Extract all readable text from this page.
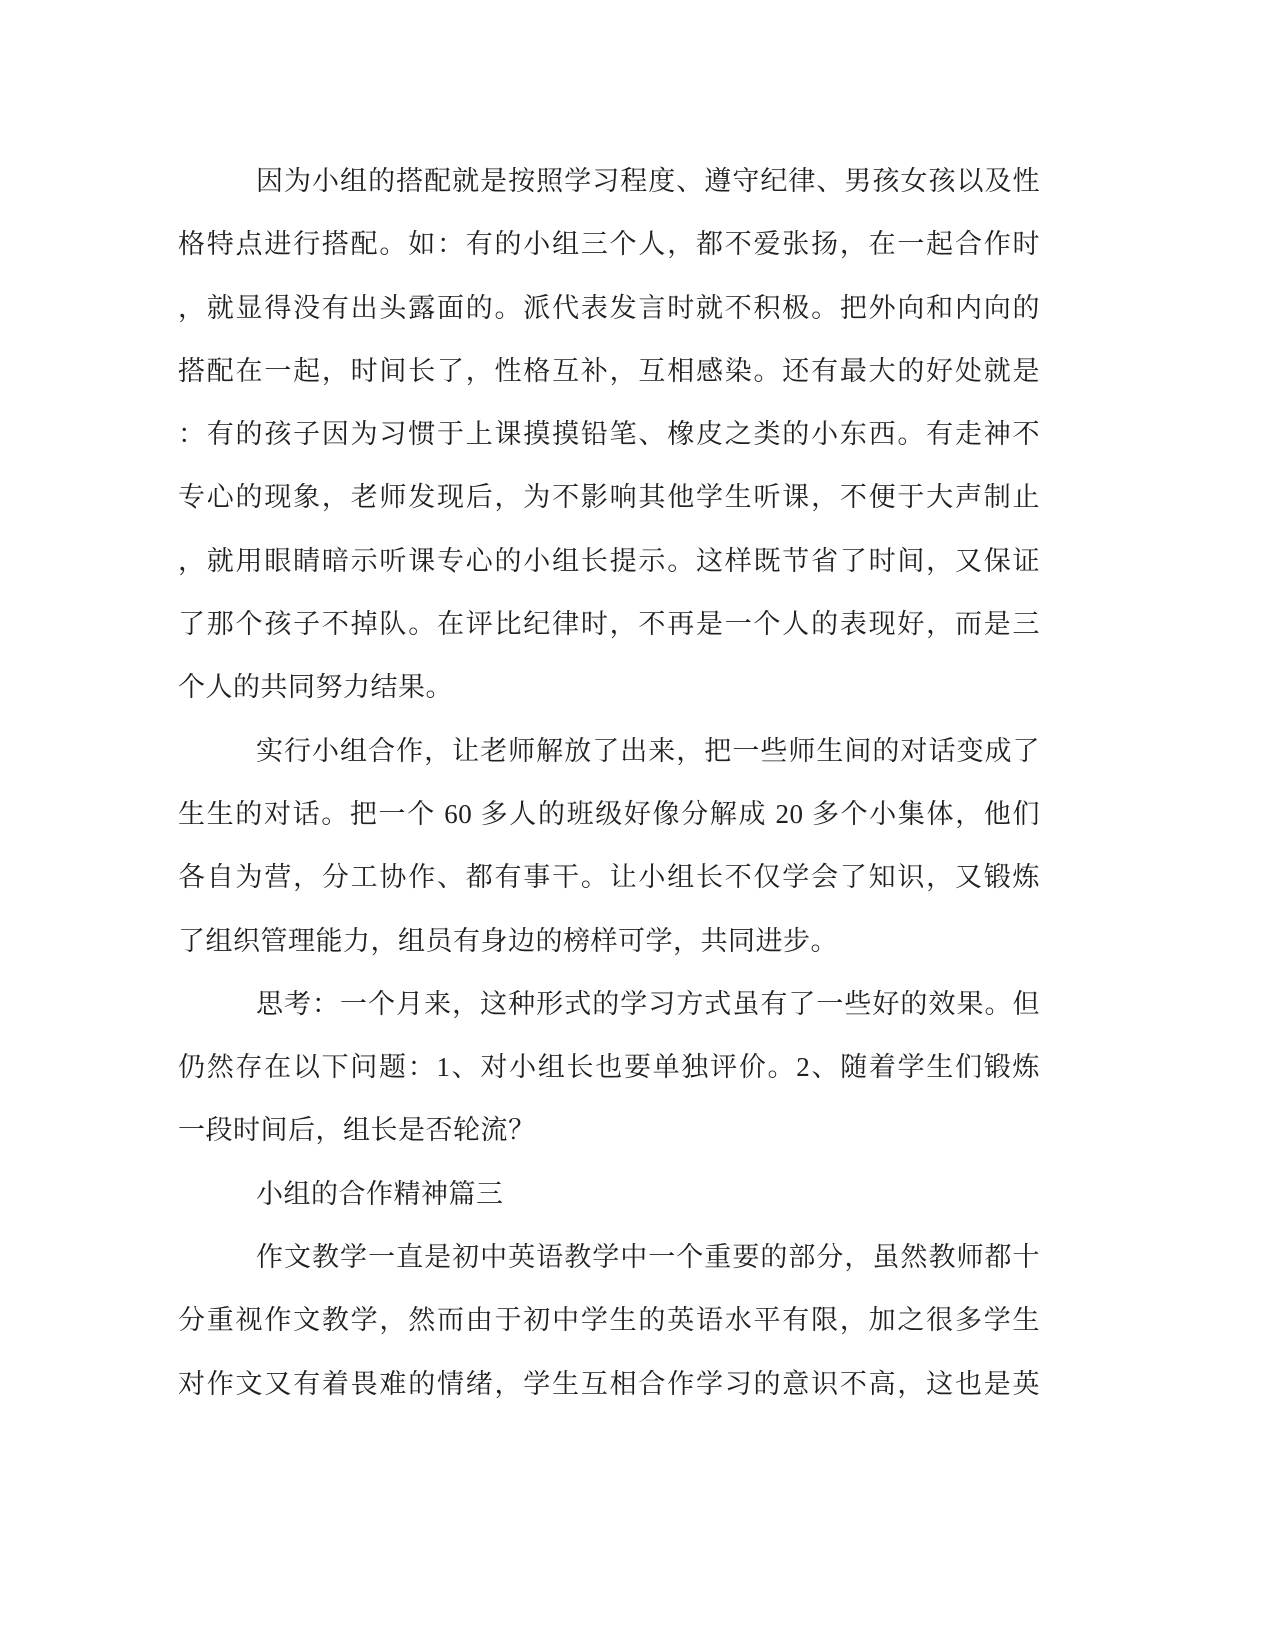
因为小组的搭配就是按照学习程度、遵守纪律、男孩女孩以及性
格特点进行搭配。如：有的小组三个人，都不爱张扬，在一起合作时
，就显得没有出头露面的。派代表发言时就不积极。把外向和内向的
搭配在一起，时间长了，性格互补，互相感染。还有最大的好处就是
：有的孩子因为习惯于上课摸摸铅笔、橡皮之类的小东西。有走神不
专心的现象，老师发现后，为不影响其他学生听课，不便于大声制止
，就用眼睛暗示听课专心的小组长提示。这样既节省了时间，又保证
了那个孩子不掉队。在评比纪律时，不再是一个人的表现好，而是三
个人的共同努力结果。
实行小组合作，让老师解放了出来，把一些师生间的对话变成了
生生的对话。把一个 60 多人的班级好像分解成 20 多个小集体，他们
各自为营，分工协作、都有事干。让小组长不仅学会了知识，又锻炼
了组织管理能力，组员有身边的榜样可学，共同进步。
思考：一个月来，这种形式的学习方式虽有了一些好的效果。但
仍然存在以下问题：1、对小组长也要单独评价。2、随着学生们锻炼
一段时间后，组长是否轮流？
小组的合作精神篇三
作文教学一直是初中英语教学中一个重要的部分，虽然教师都十
分重视作文教学，然而由于初中学生的英语水平有限，加之很多学生
对作文又有着畏难的情绪，学生互相合作学习的意识不高，这也是英
